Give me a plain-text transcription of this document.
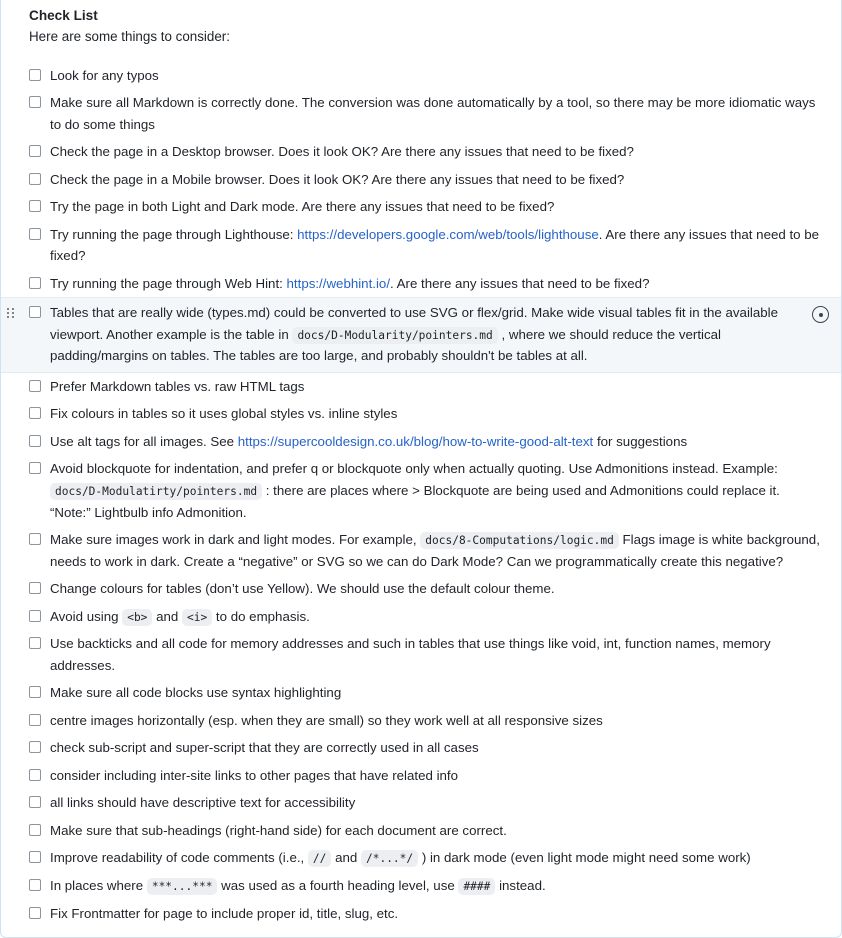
Check List
Here are some things to consider:
Look for any typos
Make sure all Markdown is correctly done. The conversion was done automatically by a tool, so there may be more idiomatic ways to do some things
Check the page in a Desktop browser. Does it look OK? Are there any issues that need to be fixed?
Check the page in a Mobile browser. Does it look OK? Are there any issues that need to be fixed?
Try the page in both Light and Dark mode. Are there any issues that need to be fixed?
Try running the page through Lighthouse: https://developers.google.com/web/tools/lighthouse. Are there any issues that need to be fixed?
Try running the page through Web Hint: https://webhint.io/. Are there any issues that need to be fixed?
Tables that are really wide (types.md) could be converted to use SVG or flex/grid. Make wide visual tables fit in the available viewport. Another example is the table in docs/D-Modularity/pointers.md , where we should reduce the vertical padding/margins on tables. The tables are too large, and probably shouldn't be tables at all.
Prefer Markdown tables vs. raw HTML tags
Fix colours in tables so it uses global styles vs. inline styles
Use alt tags for all images. See https://supercooldesign.co.uk/blog/how-to-write-good-alt-text for suggestions
Avoid blockquote for indentation, and prefer q or blockquote only when actually quoting. Use Admonitions instead. Example: docs/D-Modulatirty/pointers.md : there are places where > Blockquote are being used and Admonitions could replace it. “Note:” Lightbulb info Admonition.
Make sure images work in dark and light modes. For example, docs/8-Computations/logic.md Flags image is white background, needs to work in dark. Create a “negative” or SVG so we can do Dark Mode? Can we programmatically create this negative?
Change colours for tables (don’t use Yellow). We should use the default colour theme.
Avoid using <b> and <i> to do emphasis.
Use backticks and all code for memory addresses and such in tables that use things like void, int, function names, memory addresses.
Make sure all code blocks use syntax highlighting
centre images horizontally (esp. when they are small) so they work well at all responsive sizes
check sub-script and super-script that they are correctly used in all cases
consider including inter-site links to other pages that have related info
all links should have descriptive text for accessibility
Make sure that sub-headings (right-hand side) for each document are correct.
Improve readability of code comments (i.e., // and /*...*/ ) in dark mode (even light mode might need some work)
In places where ***...*** was used as a fourth heading level, use #### instead.
Fix Frontmatter for page to include proper id, title, slug, etc.
